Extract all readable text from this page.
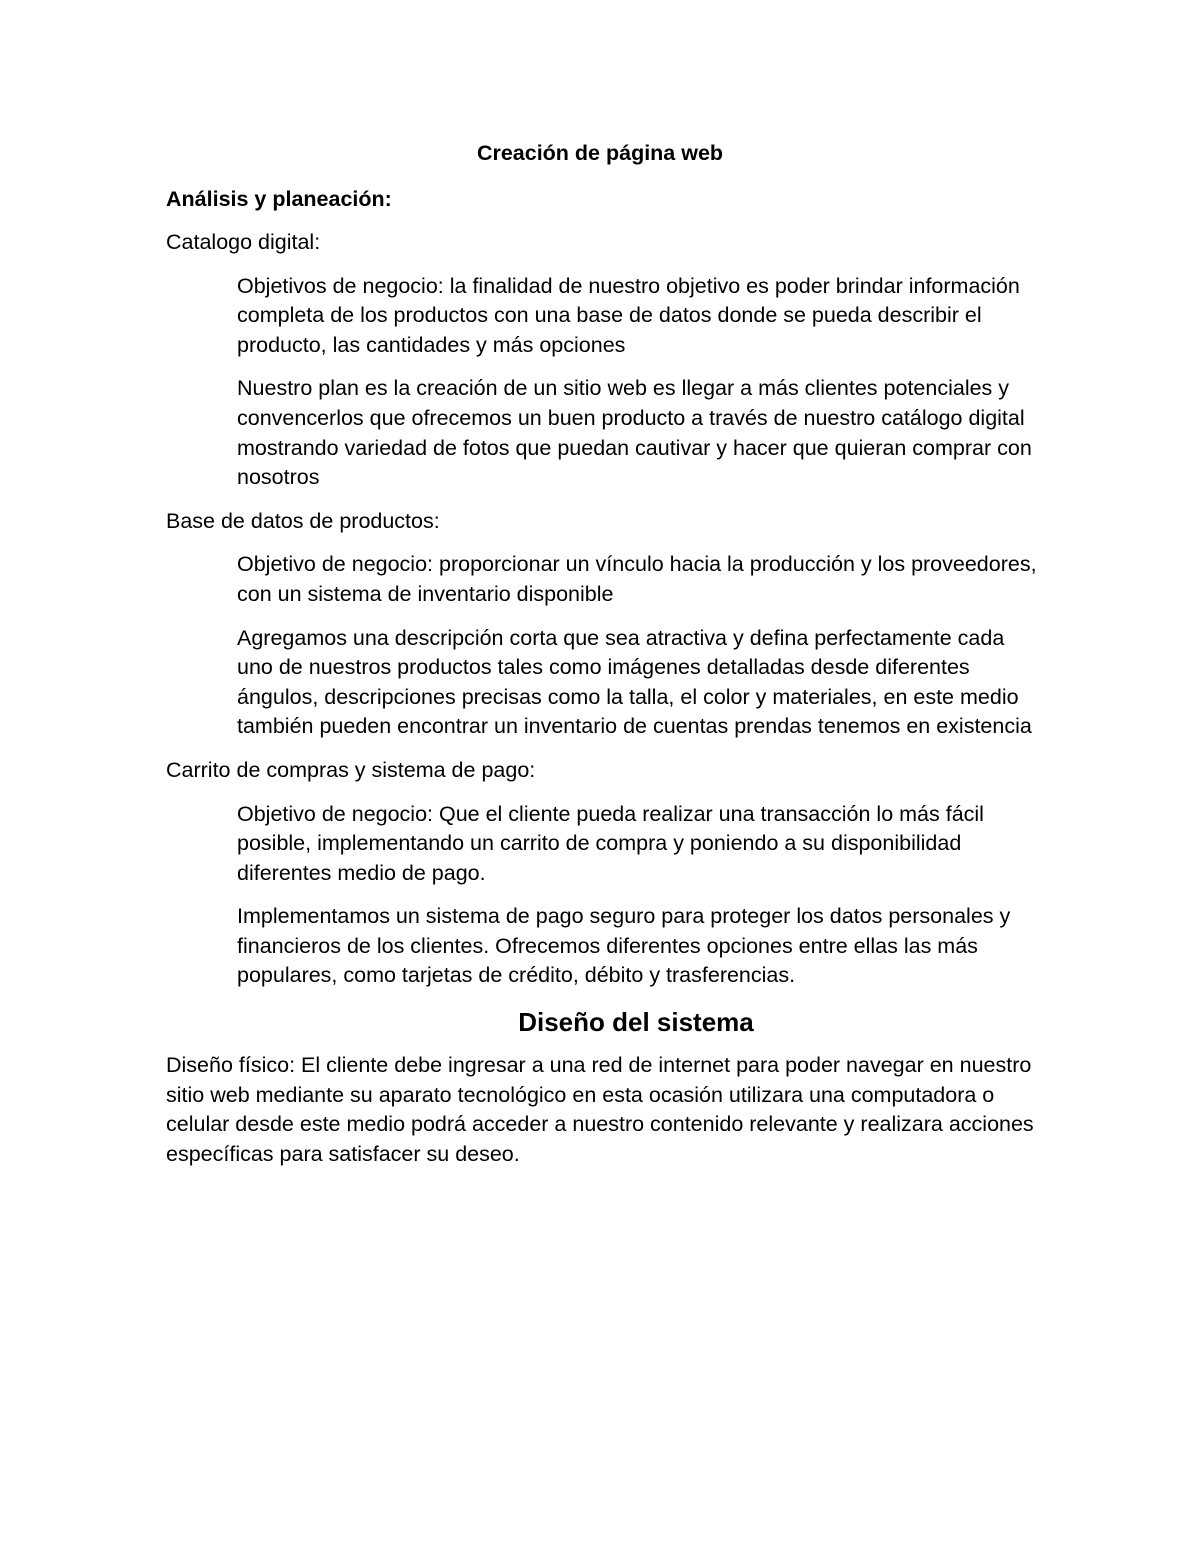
Creación de página web
Análisis y planeación:

Catalogo digital:

Objetivos de negocio: la finalidad de nuestro objetivo es poder brindar información completa de los productos con una base de datos donde se pueda describir el producto, las cantidades y más opciones

Nuestro plan es la creación de un sitio web es llegar a más clientes potenciales y convencerlos que ofrecemos un buen producto a través de nuestro catálogo digital mostrando variedad de fotos que puedan cautivar y hacer que quieran comprar con nosotros

Base de datos de productos:

Objetivo de negocio: proporcionar un vínculo hacia la producción y los proveedores, con un sistema de inventario disponible

Agregamos una descripción corta que sea atractiva y defina perfectamente cada uno de nuestros productos tales como imágenes detalladas desde diferentes ángulos, descripciones precisas como la talla, el color y materiales, en este medio también pueden encontrar un inventario de cuentas prendas tenemos en existencia

Carrito de compras y sistema de pago:

Objetivo de negocio: Que el cliente pueda realizar una transacción lo más fácil posible, implementando un carrito de compra y poniendo a su disponibilidad diferentes medio de pago.

Implementamos un sistema de pago seguro para proteger los datos personales y financieros de los clientes. Ofrecemos diferentes opciones entre ellas las más populares, como tarjetas de crédito, débito y trasferencias.

Diseño del sistema

Diseño físico: El cliente debe ingresar a una red de internet para poder navegar en nuestro sitio web mediante su aparato tecnológico en esta ocasión utilizara una computadora o celular desde este medio podrá acceder a nuestro contenido relevante y realizara acciones específicas para satisfacer su deseo.
